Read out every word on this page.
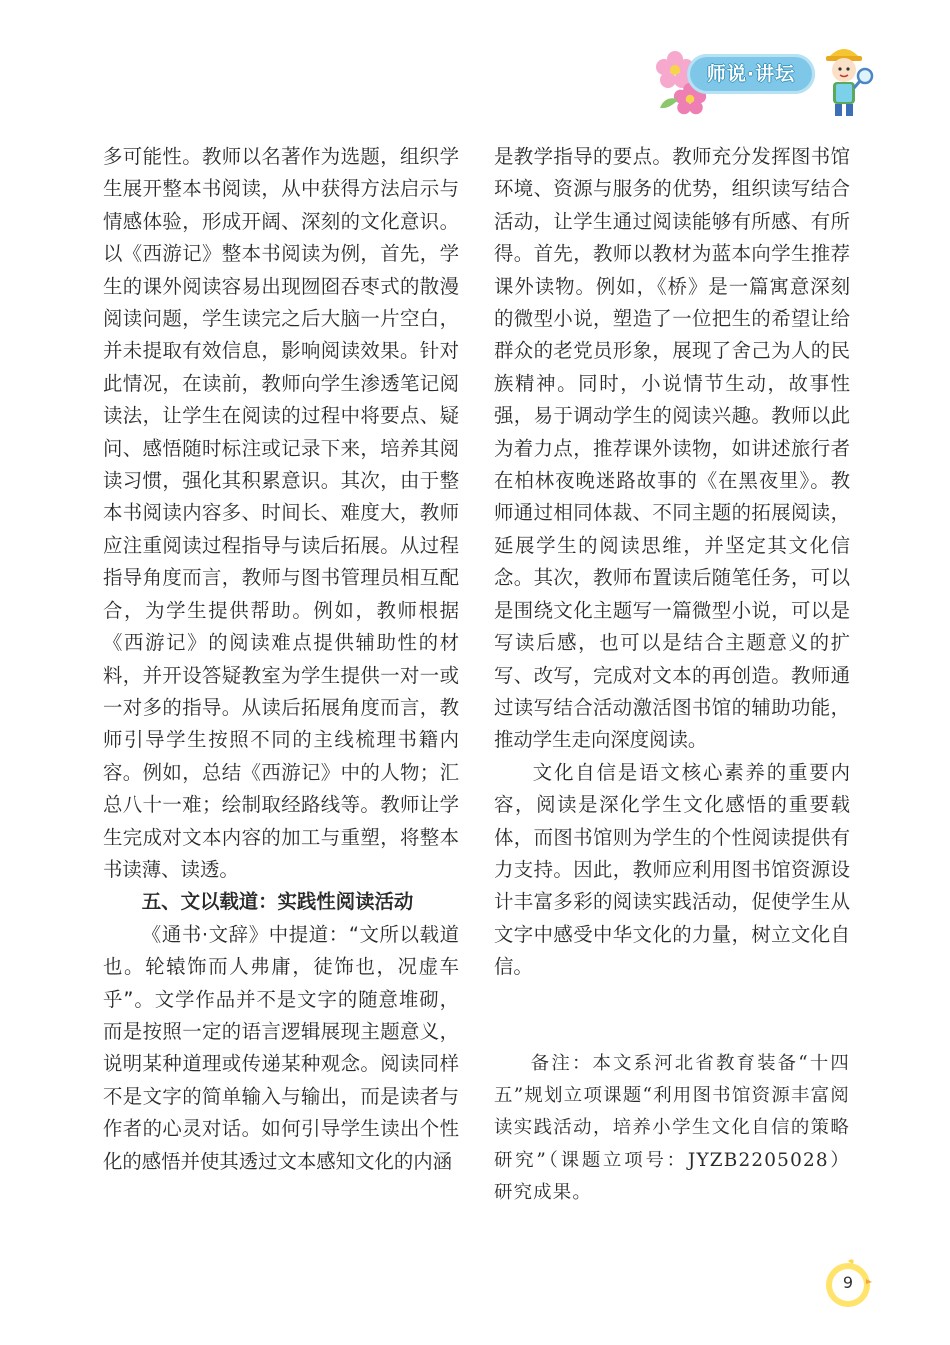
师说·讲坛

多可能性。教师以名著作为选题，组织学生展开整本书阅读，从中获得方法启示与情感体验，形成开阔、深刻的文化意识。以《西游记》整本书阅读为例，首先，学生的课外阅读容易出现囫囵吞枣式的散漫阅读问题，学生读完之后大脑一片空白，并未提取有效信息，影响阅读效果。针对此情况，在读前，教师向学生渗透笔记阅读法，让学生在阅读的过程中将要点、疑问、感悟随时标注或记录下来，培养其阅读习惯，强化其积累意识。其次，由于整本书阅读内容多、时间长、难度大，教师应注重阅读过程指导与读后拓展。从过程指导角度而言，教师与图书管理员相互配合，为学生提供帮助。例如，教师根据《西游记》的阅读难点提供辅助性的材料，并开设答疑教室为学生提供一对一或一对多的指导。从读后拓展角度而言，教师引导学生按照不同的主线梳理书籍内容。例如，总结《西游记》中的人物；汇总八十一难；绘制取经路线等。教师让学生完成对文本内容的加工与重塑，将整本书读薄、读透。

五、文以载道：实践性阅读活动

《通书·文辞》中提道：“文所以载道也。轮辕饰而人弗庸，徒饰也，况虚车乎”。文学作品并不是文字的随意堆砌，而是按照一定的语言逻辑展现主题意义，说明某种道理或传递某种观念。阅读同样不是文字的简单输入与输出，而是读者与作者的心灵对话。如何引导学生读出个性化的感悟并使其透过文本感知文化的内涵

是教学指导的要点。教师充分发挥图书馆环境、资源与服务的优势，组织读写结合活动，让学生通过阅读能够有所感、有所得。首先，教师以教材为蓝本向学生推荐课外读物。例如，《桥》是一篇寓意深刻的微型小说，塑造了一位把生的希望让给群众的老党员形象，展现了舍己为人的民族精神。同时，小说情节生动，故事性强，易于调动学生的阅读兴趣。教师以此为着力点，推荐课外读物，如讲述旅行者在柏林夜晚迷路故事的《在黑夜里》。教师通过相同体裁、不同主题的拓展阅读，延展学生的阅读思维，并坚定其文化信念。其次，教师布置读后随笔任务，可以是围绕文化主题写一篇微型小说，可以是写读后感，也可以是结合主题意义的扩写、改写，完成对文本的再创造。教师通过读写结合活动激活图书馆的辅助功能，推动学生走向深度阅读。

文化自信是语文核心素养的重要内容，阅读是深化学生文化感悟的重要载体，而图书馆则为学生的个性阅读提供有力支持。因此，教师应利用图书馆资源设计丰富多彩的阅读实践活动，促使学生从文字中感受中华文化的力量，树立文化自信。

备注：本文系河北省教育装备“十四五”规划立项课题“利用图书馆资源丰富阅读实践活动，培养小学生文化自信的策略研究”（课题立项号：JYZB2205028）研究成果。

9
